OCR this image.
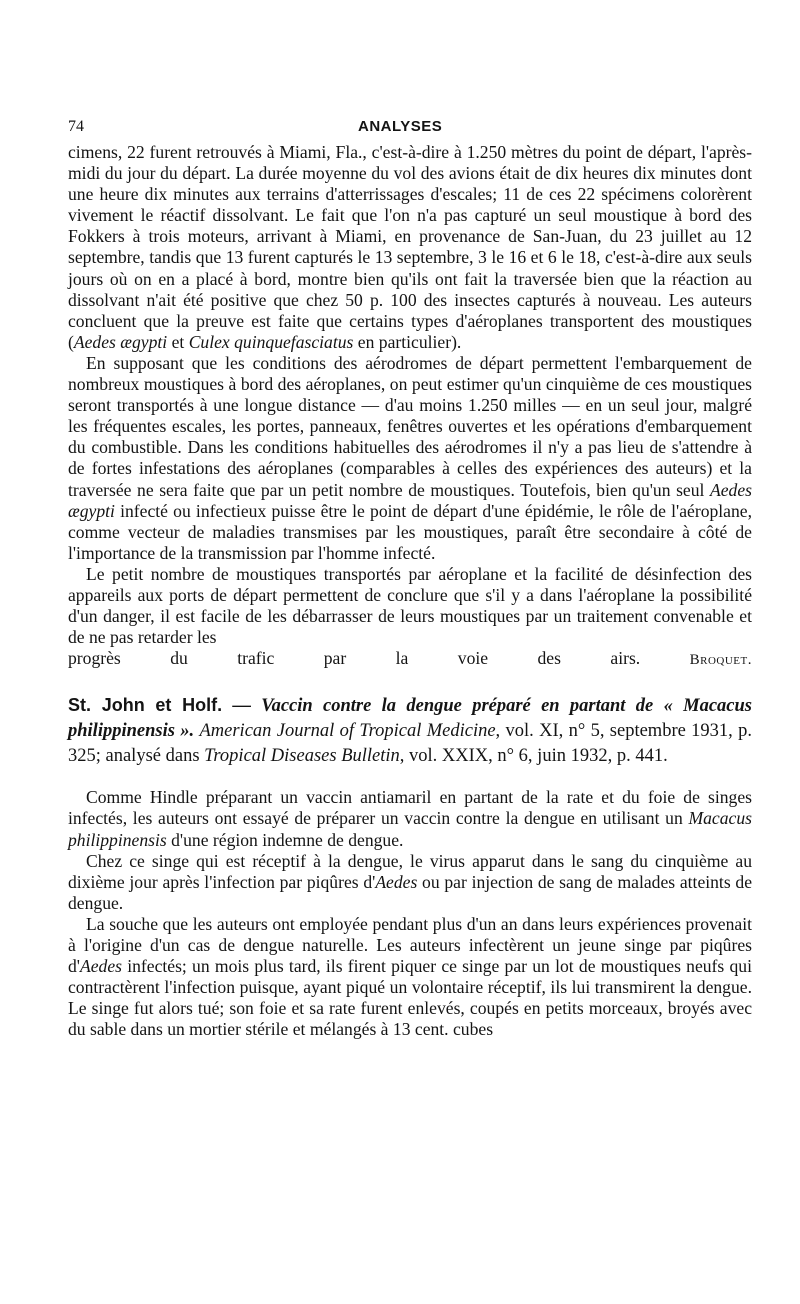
74	ANALYSES

cimens, 22 furent retrouvés à Miami, Fla., c'est-à-dire à 1.250 mètres du point de départ, l'après-midi du jour du départ. La durée moyenne du vol des avions était de dix heures dix minutes dont une heure dix minutes aux terrains d'atterrissages d'escales; 11 de ces 22 spécimens colorèrent vivement le réactif dissolvant. Le fait que l'on n'a pas capturé un seul moustique à bord des Fokkers à trois moteurs, arrivant à Miami, en provenance de San-Juan, du 23 juillet au 12 septembre, tandis que 13 furent capturés le 13 septembre, 3 le 16 et 6 le 18, c'est-à-dire aux seuls jours où on en a placé à bord, montre bien qu'ils ont fait la traversée bien que la réaction au dissolvant n'ait été positive que chez 50 p. 100 des insectes capturés à nouveau. Les auteurs concluent que la preuve est faite que certains types d'aéroplanes transportent des moustiques (Aedes ægypti et Culex quinquefasciatus en particulier).

En supposant que les conditions des aérodromes de départ permettent l'embarquement de nombreux moustiques à bord des aéroplanes, on peut estimer qu'un cinquième de ces moustiques seront transportés à une longue distance — d'au moins 1.250 milles — en un seul jour, malgré les fréquentes escales, les portes, panneaux, fenêtres ouvertes et les opérations d'embarquement du combustible. Dans les conditions habituelles des aérodromes il n'y a pas lieu de s'attendre à de fortes infestations des aéroplanes (comparables à celles des expériences des auteurs) et la traversée ne sera faite que par un petit nombre de moustiques. Toutefois, bien qu'un seul Aedes ægypti infecté ou infectieux puisse être le point de départ d'une épidémie, le rôle de l'aéroplane, comme vecteur de maladies transmises par les moustiques, paraît être secondaire à côté de l'importance de la transmission par l'homme infecté.

Le petit nombre de moustiques transportés par aéroplane et la facilité de désinfection des appareils aux ports de départ permettent de conclure que s'il y a dans l'aéroplane la possibilité d'un danger, il est facile de les débarrasser de leurs moustiques par un traitement convenable et de ne pas retarder les

progrès du trafic par la voie des airs.	Broquet.

St. John et Holf. — Vaccin contre la dengue préparé en partant de « Macacus philippinensis ». American Journal of Tropical Medicine, vol. XI, n° 5, septembre 1931, p. 325; analysé dans Tropical Diseases Bulletin, vol. XXIX, n° 6, juin 1932, p. 441.

Comme Hindle préparant un vaccin antiamaril en partant de la rate et du foie de singes infectés, les auteurs ont essayé de préparer un vaccin contre la dengue en utilisant un Macacus philippinensis d'une région indemne de dengue.

Chez ce singe qui est réceptif à la dengue, le virus apparut dans le sang du cinquième au dixième jour après l'infection par piqûres d'Aedes ou par injection de sang de malades atteints de dengue.

La souche que les auteurs ont employée pendant plus d'un an dans leurs expériences provenait à l'origine d'un cas de dengue naturelle. Les auteurs infectèrent un jeune singe par piqûres d'Aedes infectés; un mois plus tard, ils firent piquer ce singe par un lot de moustiques neufs qui contractèrent l'infection puisque, ayant piqué un volontaire réceptif, ils lui transmirent la dengue. Le singe fut alors tué; son foie et sa rate furent enlevés, coupés en petits morceaux, broyés avec du sable dans un mortier stérile et mélangés à 13 cent. cubes
